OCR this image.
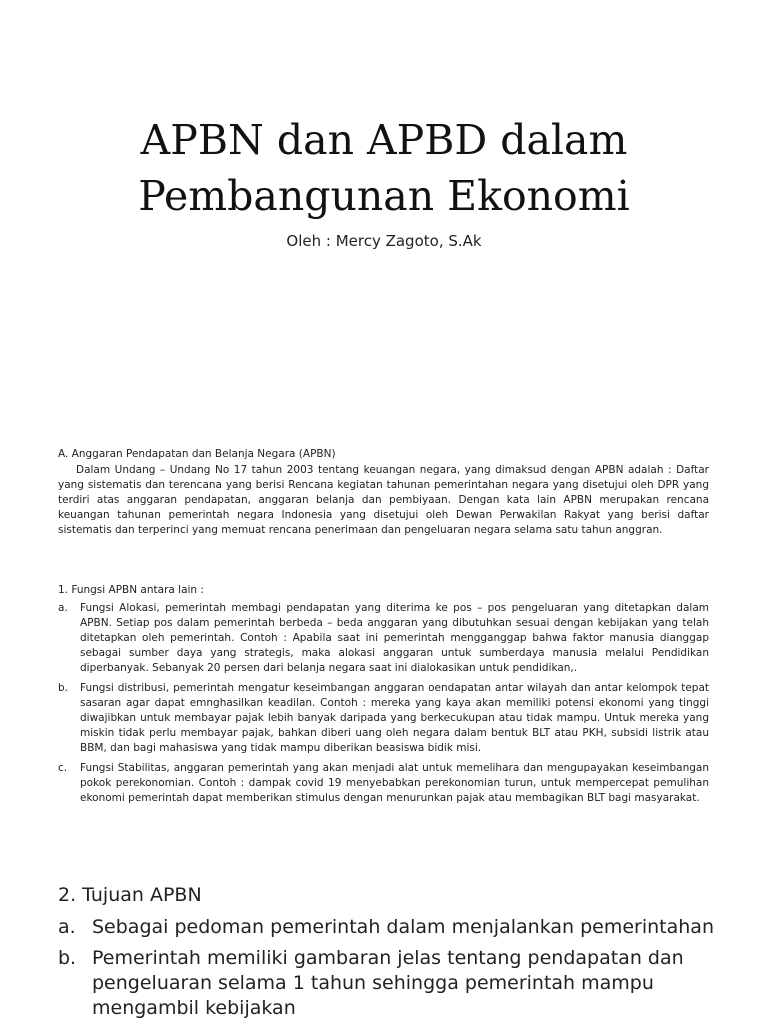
APBN dan APBD dalam
Pembangunan Ekonomi
Oleh : Mercy Zagoto, S.Ak
A. Anggaran Pendapatan dan Belanja Negara (APBN)

Dalam Undang – Undang No 17 tahun 2003 tentang keuangan negara, yang dimaksud dengan APBN adalah : Daftar yang sistematis dan terencana yang berisi Rencana kegiatan tahunan pemerintahan negara yang disetujui oleh DPR yang terdiri atas anggaran pendapatan, anggaran belanja dan pembiyaan. Dengan kata lain APBN merupakan rencana keuangan tahunan pemerintah negara Indonesia yang disetujui oleh Dewan Perwakilan Rakyat yang berisi daftar sistematis dan terperinci yang memuat rencana penerimaan dan pengeluaran negara selama satu tahun anggran.

1. Fungsi APBN antara lain :
a. Fungsi Alokasi, pemerintah membagi pendapatan yang diterima ke pos – pos pengeluaran yang ditetapkan dalam APBN. Setiap pos dalam pemerintah berbeda – beda anggaran yang dibutuhkan sesuai dengan kebijakan yang telah ditetapkan oleh pemerintah. Contoh : Apabila saat ini pemerintah mengganggap bahwa faktor manusia dianggap sebagai sumber daya yang strategis, maka alokasi anggaran untuk sumberdaya manusia melalui Pendidikan diperbanyak. Sebanyak 20 persen dari belanja negara saat ini dialokasikan untuk pendidikan,.
b. Fungsi distribusi, pemerintah mengatur keseimbangan anggaran oendapatan antar wilayah dan antar kelompok tepat sasaran agar dapat emnghasilkan keadilan. Contoh : mereka yang kaya akan memiliki potensi ekonomi yang tinggi diwajibkan untuk membayar pajak lebih banyak daripada yang berkecukupan atau tidak mampu. Untuk mereka yang miskin tidak perlu membayar pajak, bahkan diberi uang oleh negara dalam bentuk BLT atau PKH, subsidi listrik atau BBM, dan bagi mahasiswa yang tidak mampu diberikan beasiswa bidik misi.
c. Fungsi Stabilitas, anggaran pemerintah yang akan menjadi alat untuk memelihara dan mengupayakan keseimbangan pokok perekonomian. Contoh : dampak covid 19 menyebabkan perekonomian turun, untuk mempercepat pemulihan ekonomi pemerintah dapat memberikan stimulus dengan menurunkan pajak atau membagikan BLT bagi masyarakat.
2. Tujuan APBN
a. Sebagai pedoman pemerintah dalam menjalankan pemerintahan
b. Pemerintah memiliki gambaran jelas tentang pendapatan dan pengeluaran selama 1 tahun sehingga pemerintah mampu mengambil kebijakan
